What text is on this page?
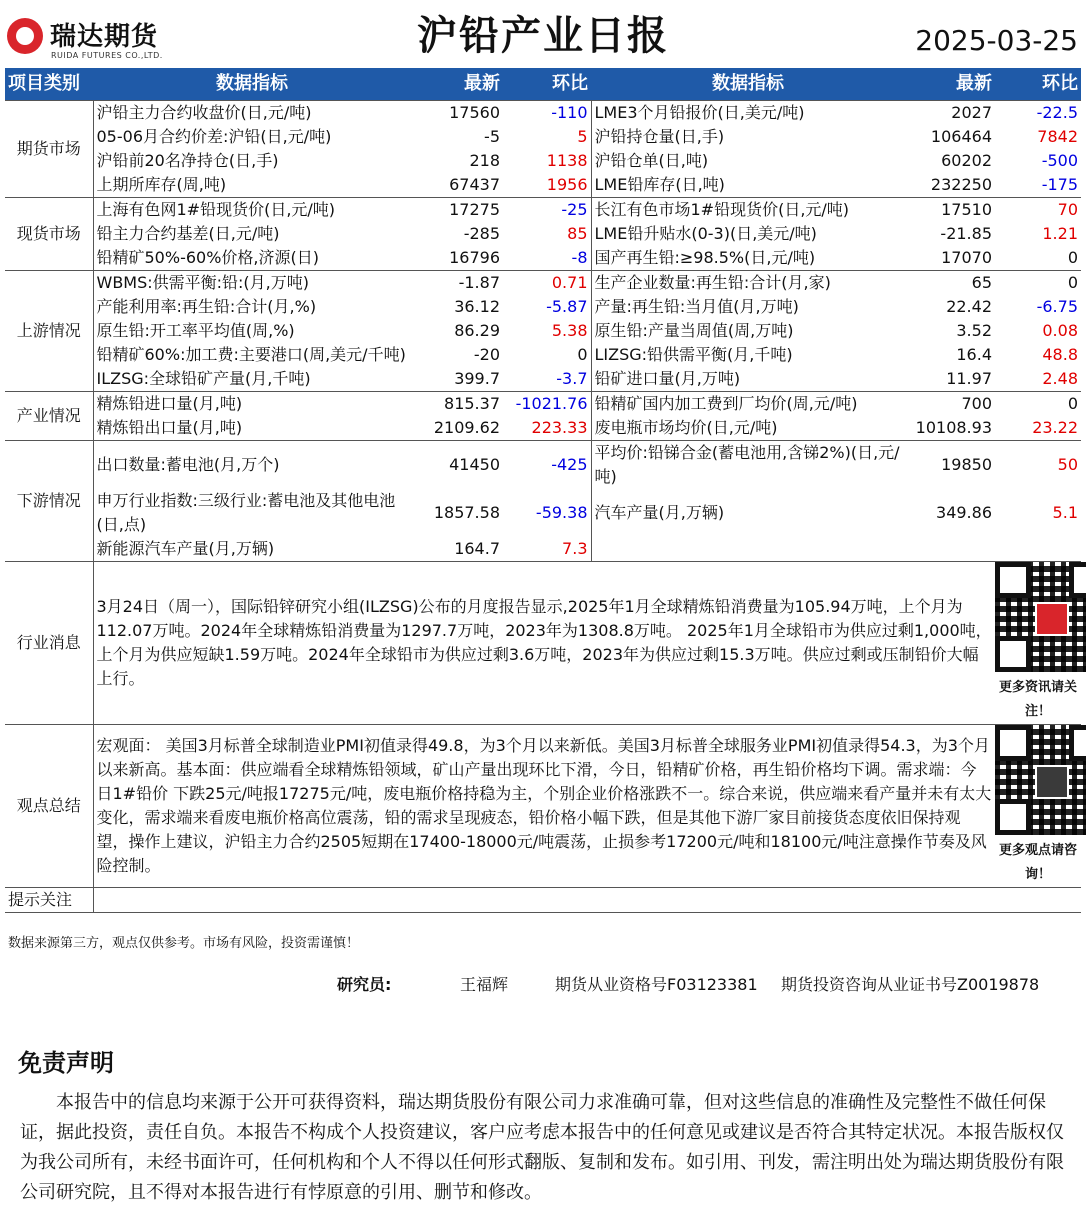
瑞达期货
RUIDA FUTURES CO.,LTD.	沪铅产业日报	2025-03-25
项目类别	数据指标	最新	环比	数据指标	最新	环比
期货市场	沪铅主力合约收盘价(日,元/吨)	17560	-110	LME3个月铅报价(日,美元/吨)	2027	-22.5
	05-06月合约价差:沪铅(日,元/吨)	-5	5	沪铅持仓量(日,手)	106464	7842
	沪铅前20名净持仓(日,手)	218	1138	沪铅仓单(日,吨)	60202	-500
	上期所库存(周,吨)	67437	1956	LME铅库存(日,吨)	232250	-175
现货市场	上海有色网1#铅现货价(日,元/吨)	17275	-25	长江有色市场1#铅现货价(日,元/吨)	17510	70
	铅主力合约基差(日,元/吨)	-285	85	LME铅升贴水(0-3)(日,美元/吨)	-21.85	1.21
	铅精矿50%-60%价格,济源(日)	16796	-8	国产再生铅:≥98.5%(日,元/吨)	17070	0
上游情况	WBMS:供需平衡:铅:(月,万吨)	-1.87	0.71	生产企业数量:再生铅:合计(月,家)	65	0
	产能利用率:再生铅:合计(月,%)	36.12	-5.87	产量:再生铅:当月值(月,万吨)	22.42	-6.75
	原生铅:开工率平均值(周,%)	86.29	5.38	原生铅:产量当周值(周,万吨)	3.52	0.08
	铅精矿60%:加工费:主要港口(周,美元/千吨)	-20	0	LIZSG:铅供需平衡(月,千吨)	16.4	48.8
	ILZSG:全球铅矿产量(月,千吨)	399.7	-3.7	铅矿进口量(月,万吨)	11.97	2.48
产业情况	精炼铅进口量(月,吨)	815.37	-1021.76	铅精矿国内加工费到厂均价(周,元/吨)	700	0
	精炼铅出口量(月,吨)	2109.62	223.33	废电瓶市场均价(日,元/吨)	10108.93	23.22
下游情况	出口数量:蓄电池(月,万个)	41450	-425	平均价:铅锑合金(蓄电池用,含锑2%)(日,元/吨)	19850	50
	申万行业指数:三级行业:蓄电池及其他电池(日,点)	1857.58	-59.38	汽车产量(月,万辆)	349.86	5.1
	新能源汽车产量(月,万辆)	164.7	7.3			
行业消息	3月24日（周一），国际铅锌研究小组(ILZSG)公布的月度报告显示,2025年1月全球精炼铅消费量为105.94万吨，上个月为112.07万吨。2024年全球精炼铅消费量为1297.7万吨，2023年为1308.8万吨。 2025年1月全球铅市为供应过剩1,000吨，上个月为供应短缺1.59万吨。2024年全球铅市为供应过剩3.6万吨，2023年为供应过剩15.3万吨。供应过剩或压制铅价大幅上行。					更多资讯请关注！

观点总结	宏观面： 美国3月标普全球制造业PMI初值录得49.8，为3个月以来新低。美国3月标普全球服务业PMI初值录得54.3，为3个月以来新高。基本面：供应端看全球精炼铅领域，矿山产量出现环比下滑，今日，铅精矿价格，再生铅价格均下调。需求端：今日1#铅价 下跌25元/吨报17275元/吨，废电瓶价格持稳为主，个别企业价格涨跌不一。综合来说，供应端来看产量并未有太大变化，需求端来看废电瓶价格高位震荡，铅的需求呈现疲态，铅价格小幅下跌，但是其他下游厂家目前接货态度依旧保持观望，操作上建议，沪铅主力合约2505短期在17400-18000元/吨震荡，止损参考17200元/吨和18100元/吨注意操作节奏及风险控制。					更多观点请咨询！

提示关注						
数据来源第三方，观点仅供参考。市场有风险，投资需谨慎！
研究员:	王福辉	期货从业资格号F03123381 期货投资咨询从业证书号Z0019878
免责声明
本报告中的信息均来源于公开可获得资料，瑞达期货股份有限公司力求准确可靠，但对这些信息的准确性及完整性不做任何保证，据此投资，责任自负。本报告不构成个人投资建议，客户应考虑本报告中的任何意见或建议是否符合其特定状况。本报告版权仅为我公司所有，未经书面许可，任何机构和个人不得以任何形式翻版、复制和发布。如引用、刊发，需注明出处为瑞达期货股份有限公司研究院，且不得对本报告进行有悖原意的引用、删节和修改。
